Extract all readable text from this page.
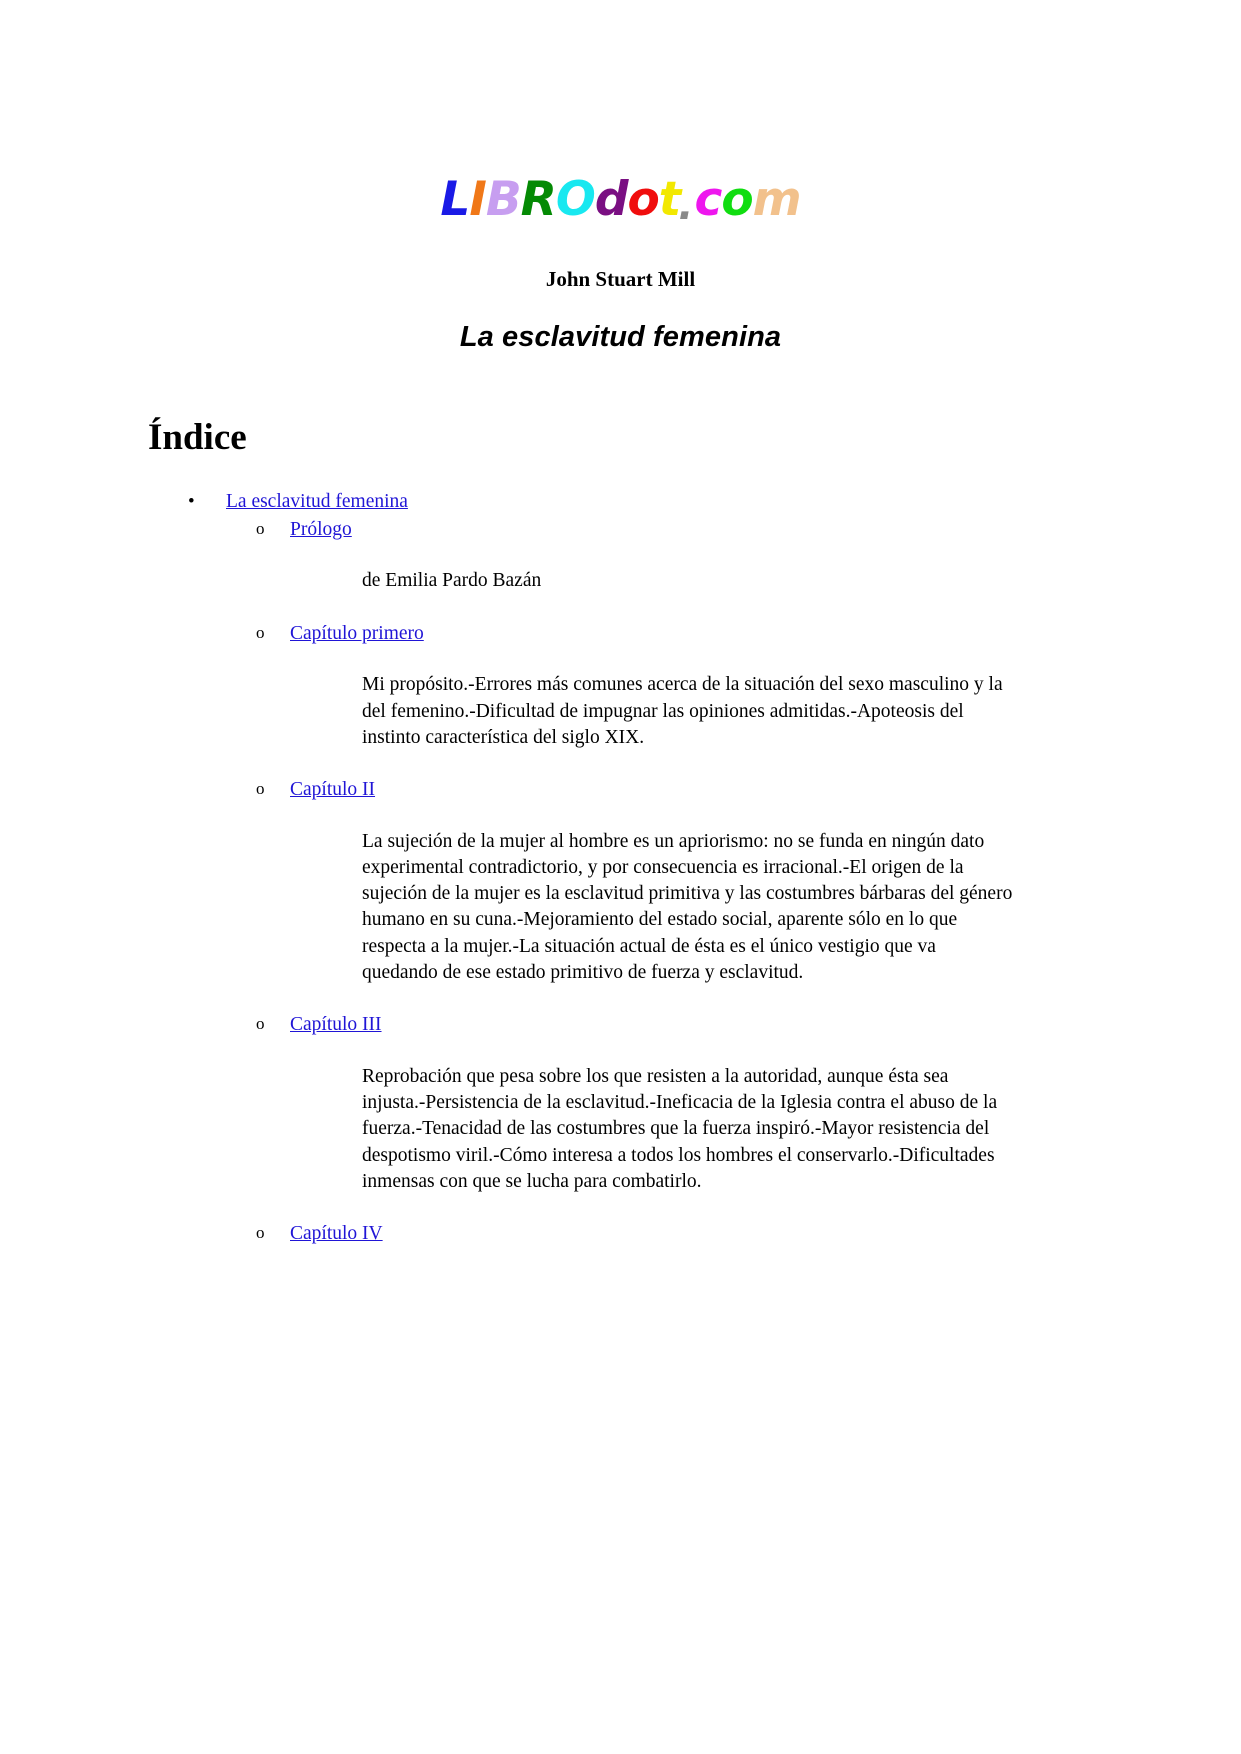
LIBROdot.com
John Stuart Mill
La esclavitud femenina
Índice
• La esclavitud femenina
o Prólogo
de Emilia Pardo Bazán
o Capítulo primero
Mi propósito.-Errores más comunes acerca de la situación del sexo masculino y la del femenino.-Dificultad de impugnar las opiniones admitidas.-Apoteosis del instinto característica del siglo XIX.
o Capítulo II
La sujeción de la mujer al hombre es un apriorismo: no se funda en ningún dato experimental contradictorio, y por consecuencia es irracional.-El origen de la sujeción de la mujer es la esclavitud primitiva y las costumbres bárbaras del género humano en su cuna.-Mejoramiento del estado social, aparente sólo en lo que respecta a la mujer.-La situación actual de ésta es el único vestigio que va quedando de ese estado primitivo de fuerza y esclavitud.
o Capítulo III
Reprobación que pesa sobre los que resisten a la autoridad, aunque ésta sea injusta.-Persistencia de la esclavitud.-Ineficacia de la Iglesia contra el abuso de la fuerza.-Tenacidad de las costumbres que la fuerza inspiró.-Mayor resistencia del despotismo viril.-Cómo interesa a todos los hombres el conservarlo.-Dificultades inmensas con que se lucha para combatirlo.
o Capítulo IV
